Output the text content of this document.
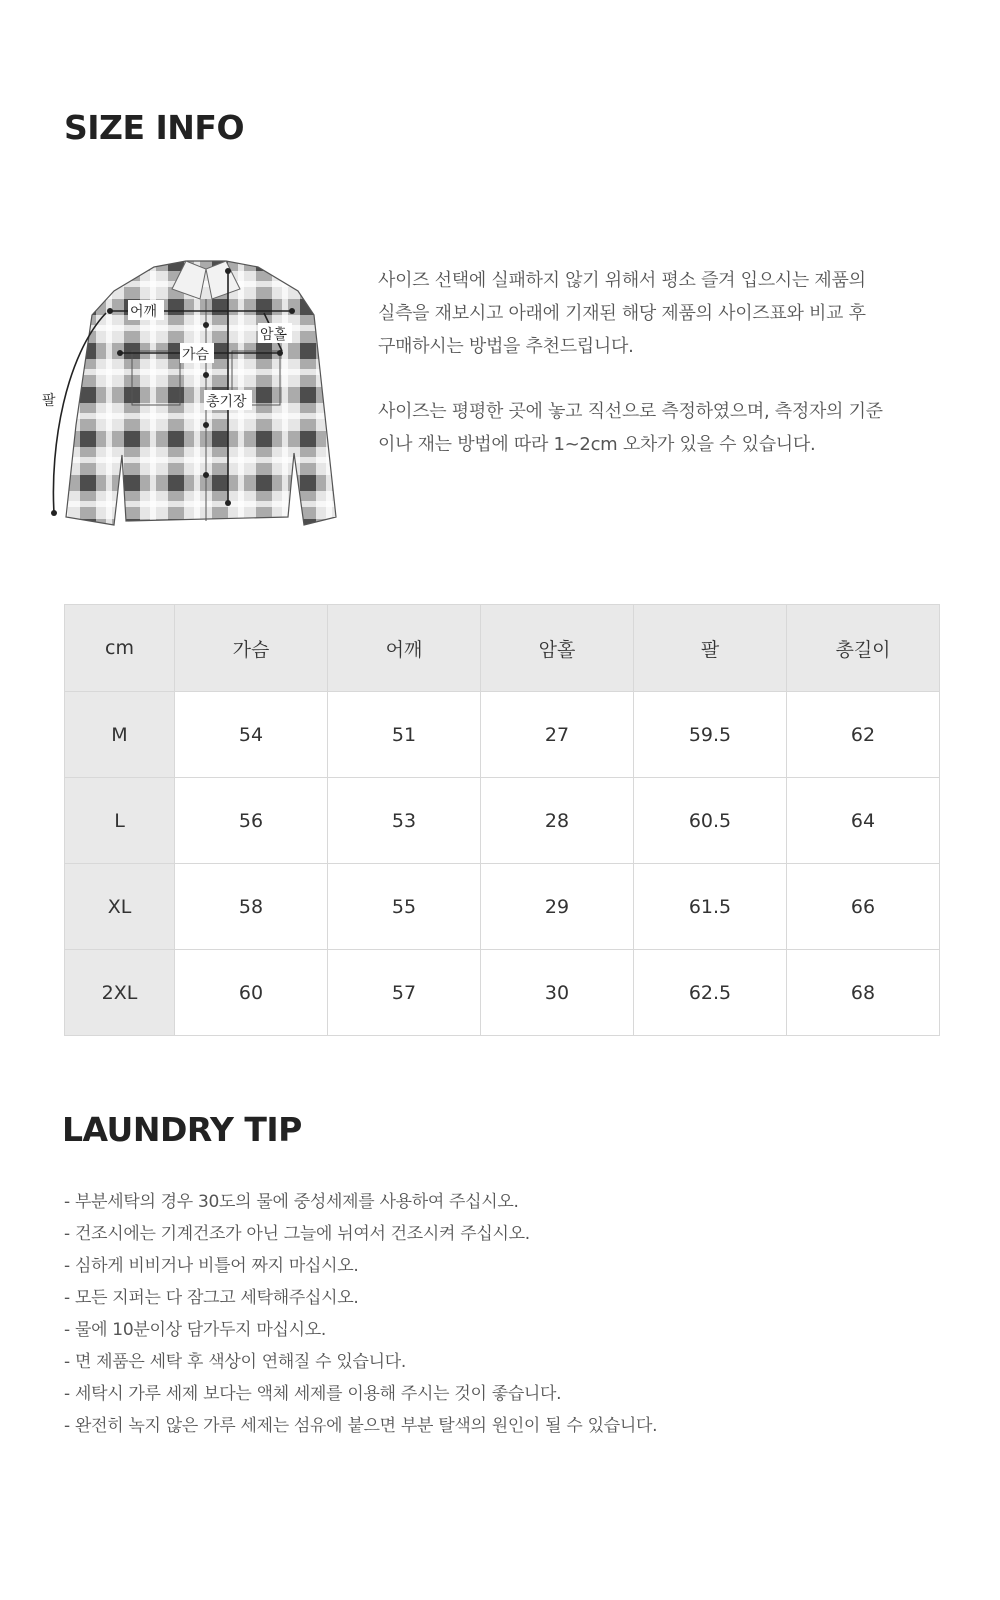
SIZE INFO
어깨
암홀
가슴
총기장
팔

사이즈 선택에 실패하지 않기 위해서 평소 즐겨 입으시는 제품의
실측을 재보시고 아래에 기재된 해당 제품의 사이즈표와 비교 후
구매하시는 방법을 추천드립니다.

사이즈는 평평한 곳에 놓고 직선으로 측정하였으며, 측정자의 기준
이나 재는 방법에 따라 1~2cm 오차가 있을 수 있습니다.

cm	가슴	어깨	암홀	팔	총길이
M	54	51	27	59.5	62
L	56	53	28	60.5	64
XL	58	55	29	61.5	66
2XL	60	57	30	62.5	68
LAUNDRY TIP
- 부분세탁의 경우 30도의 물에 중성세제를 사용하여 주십시오.
- 건조시에는 기계건조가 아닌 그늘에 뉘여서 건조시켜 주십시오.
- 심하게 비비거나 비틀어 짜지 마십시오.
- 모든 지퍼는 다 잠그고 세탁해주십시오.
- 물에 10분이상 담가두지 마십시오.
- 면 제품은 세탁 후 색상이 연해질 수 있습니다.
- 세탁시 가루 세제 보다는 액체 세제를 이용해 주시는 것이 좋습니다.
- 완전히 녹지 않은 가루 세제는 섬유에 붙으면 부분 탈색의 원인이 될 수 있습니다.
